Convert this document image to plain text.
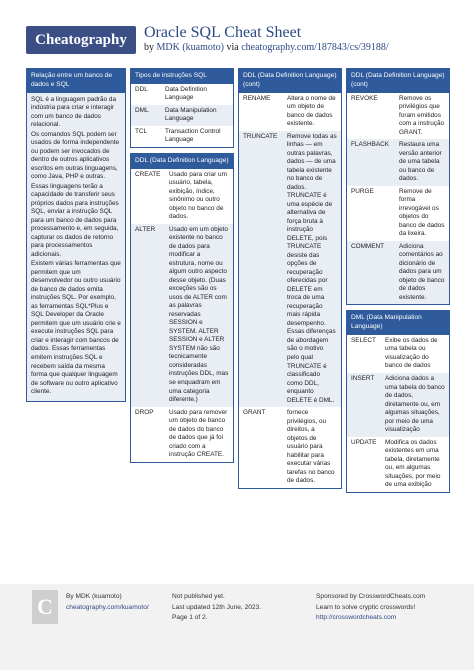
Cheatography	Oracle SQL Cheat Sheet
by MDK (kuamoto) via cheatography.com/187843/cs/39188/
Relação entre um banco de dados e SQL

SQL é a linguagem padrão da indústria para criar e interagir com um banco de dados relacional.

Os comandos SQL podem ser usados de forma independente ou podem ser invocados de dentro de outros aplicativos escritos em outras linguagens, como Java, PHP e outras.

Essas linguagens terão a capacidade de transferir seus próprios dados para instruções SQL, enviar a instrução SQL para um banco de dados para processamento e, em seguida, capturar os dados de retorno para processamentos adicionais.

Existem várias ferramentas que permitem que um desenvolvedor ou outro usuário de banco de dados emita instruções SQL. Por exemplo, as ferramentas SQL*Plus e SQL Developer da Oracle permitem que um usuário crie e execute instruções SQL para criar e interagir com bancos de dados. Essas ferramentas emitem instruções SQL e recebem saída da mesma forma que qualquer linguagem de software ou outro aplicativo cliente.

Tipos de instruções SQL
DDL	Data Definition Language
DML	Data Manipulation Language
TCL	Transaction Control Language
DDL (Data Definition Language)
CREATE	Usado para criar um usuário, tabela, exibição, índice, sinônimo ou outro objeto no banco de dados.
ALTER	Usado em um objeto existente no banco de dados para modificar a estrutura, nome ou algum outro aspecto desse objeto. (Duas exceções são os usos de ALTER com as palavras reservadas SESSION e SYSTEM. ALTER SESSION e ALTER SYSTEM não são tecnicamente consideradas instruções DDL, mas se enquadram em uma categoria diferente.)
DROP	Usado para remover um objeto de banco de dados do banco de dados que já foi criado com a instrução CREATE.
DDL (Data Definition Language) (cont)
RENAME	Altera o nome de um objeto de banco de dados existente.
TRUNCATE	Remove todas as linhas — em outras palavras, dados — de uma tabela existente no banco de dados. TRUNCATE é uma espécie de alternativa de força bruta à instrução DELETE, pois TRUNCATE desiste das opções de recuperação oferecidas por DELETE em troca de uma recuperação mais rápida desempenho. Essas diferenças de abordagem são o motivo pelo qual TRUNCATE é classificado como DDL, enquanto DELETE é DML.
GRANT	fornece privilégios, ou direitos, a objetos de usuário para habilitar para executar várias tarefas no banco de dados.
DDL (Data Definition Language) (cont)
REVOKE	Remove os privilégios que foram emitidos com a instrução GRANT.
FLASHBACK	Restaura uma versão anterior de uma tabela ou banco de dados.
PURGE	Remove de forma irrevogável os objetos do banco de dados da lixeira.
COMMENT	Adiciona comentários ao dicionário de dados para um objeto de banco de dados existente.
DML (Data Manipulation Language)
SELECT	Exibe os dados de uma tabela ou visualização do banco de dados
INSERT	Adiciona dados a uma tabela do banco de dados, diretamente ou, em algumas situações, por meio de uma visualização
UPDATE	Modifica os dados existentes em uma tabela, diretamente ou, em algumas situações, por meio de uma exibição
C	By MDK (kuamoto)
cheatography.com/kuamoto/
Not published yet.
Last updated 12th June, 2023.
Page 1 of 2.
Sponsored by CrosswordCheats.com
Learn to solve cryptic crosswords!
http://crosswordcheats.com
